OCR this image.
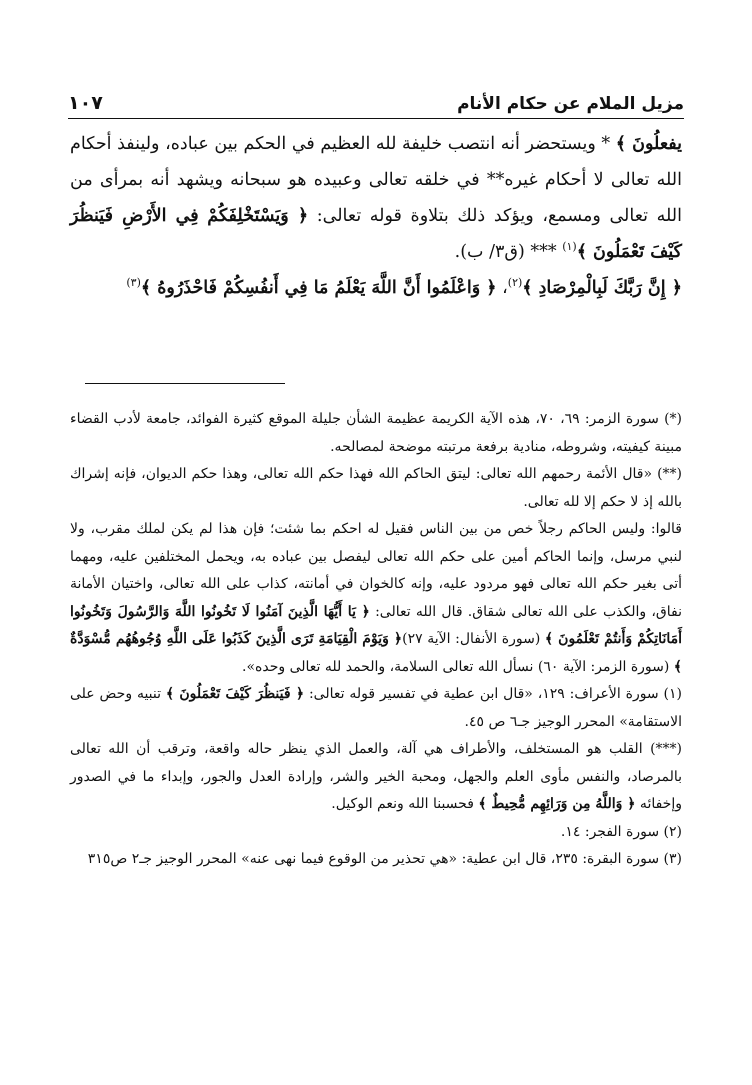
مزيل الملام عن حكام الأنام
١٠٧

يفعلُونَ ﴾ * ويستحضر أنه انتصب خليفة لله العظيم في الحكم بين عباده، ولينفذ أحكام الله تعالى لا أحكام غيره** في خلقه تعالى وعبيده هو سبحانه ويشهد أنه بمرأى من الله تعالى ومسمع، ويؤكد ذلك بتلاوة قوله تعالى: ﴿ وَيَسْتَخْلِفَكُمْ فِي الأَرْضِ فَيَنظُرَ كَيْفَ تَعْمَلُونَ ﴾$^{(١)}$ *** (ق٣/ ب).

﴿ إِنَّ رَبَّكَ لَبِالْمِرْصَادِ ﴾$^{(٢)}$، ﴿ وَاعْلَمُوا أَنَّ اللَّهَ يَعْلَمُ مَا فِي أَنفُسِكُمْ فَاحْذَرُوهُ ﴾$^{(٣)}$

(*) سورة الزمر: ٦٩، ٧٠، هذه الآية الكريمة عظيمة الشأن جليلة الموقع كثيرة الفوائد، جامعة لأدب القضاء مبينة كيفيته، وشروطه، منادية برفعة مرتبته موضحة لمصالحه.

(**) «قال الأئمة رحمهم الله تعالى: ليتق الحاكم الله فهذا حكم الله تعالى، وهذا حكم الديوان، فإنه إشراك بالله إذ لا حكم إلا لله تعالى.

قالوا: وليس الحاكم رجلاً خص من بين الناس فقيل له احكم بما شئت؛ فإن هذا لم يكن لملك مقرب، ولا لنبي مرسل، وإنما الحاكم أمين على حكم الله تعالى ليفصل بين عباده به، ويحمل المختلفين عليه، ومهما أتى بغير حكم الله تعالى فهو مردود عليه، وإنه كالخوان في أمانته، كذاب على الله تعالى، واختيان الأمانة نفاق، والكذب على الله تعالى شقاق. قال الله تعالى: ﴿ يَا أَيُّهَا الَّذِينَ آمَنُوا لَا تَخُونُوا اللَّهَ وَالرَّسُولَ وَتَخُونُوا أَمَانَاتِكُمْ وَأَنتُمْ تَعْلَمُونَ ﴾ (سورة الأنفال: الآية ٢٧)﴿ وَيَوْمَ الْقِيَامَةِ تَرَى الَّذِينَ كَذَبُوا عَلَى اللَّهِ وُجُوهُهُم مُّسْوَدَّةٌ ﴾ (سورة الزمر: الآية ٦٠) نسأل الله تعالى السلامة، والحمد لله تعالى وحده».

(١) سورة الأعراف: ١٢٩، «قال ابن عطية في تفسير قوله تعالى: ﴿ فَيَنظُرَ كَيْفَ تَعْمَلُونَ ﴾ تنبيه وحض على الاستقامة» المحرر الوجيز جـ٦ ص ٤٥.

(***) القلب هو المستخلف، والأطراف هي آلة، والعمل الذي ينظر حاله واقعة، وترقب أن الله تعالى بالمرصاد، والنفس مأوى العلم والجهل، ومحبة الخير والشر، وإرادة العدل والجور، وإبداء ما في الصدور وإخفائه ﴿ وَاللَّهُ مِن وَرَائِهِم مُّحِيطٌ ﴾ فحسبنا الله ونعم الوكيل.

(٢) سورة الفجر: ١٤.

(٣) سورة البقرة: ٢٣٥، قال ابن عطية: «هي تحذير من الوقوع فيما نهى عنه» المحرر الوجيز جـ٢ ص٣١٥
